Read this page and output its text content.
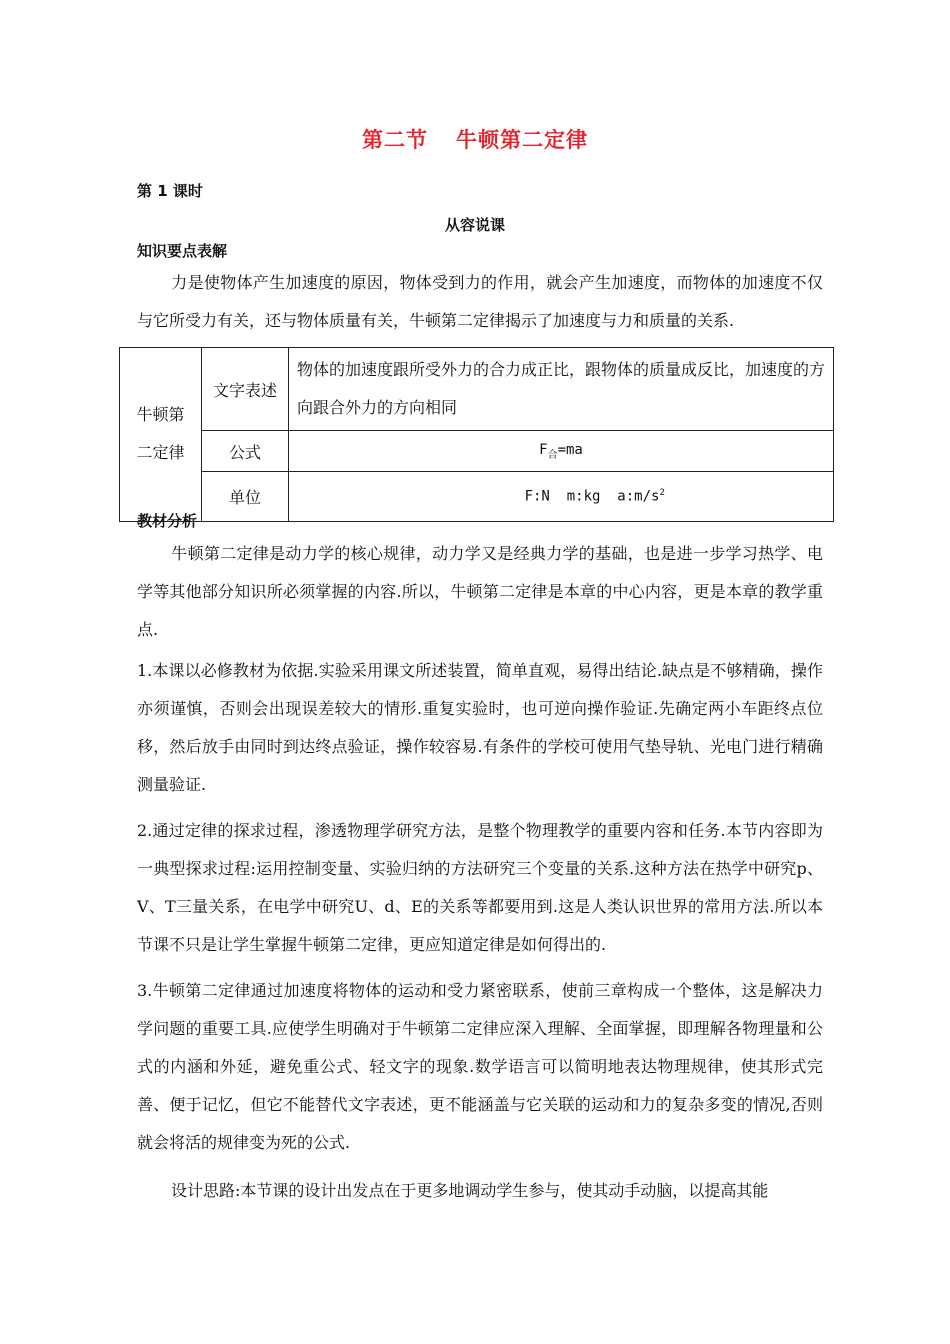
第二节 牛顿第二定律
第 1 课时
从容说课
知识要点表解
力是使物体产生加速度的原因，物体受到力的作用，就会产生加速度，而物体的加速度不仅与它所受力有关，还与物体质量有关，牛顿第二定律揭示了加速度与力和质量的关系.
牛顿第二定律	文字表述	物体的加速度跟所受外力的合力成正比，跟物体的质量成反比，加速度的方向跟合外力的方向相同
	公式	$F_合=ma$
	单位	F:N  m:kg  $a:m/s^2$

教材分析
牛顿第二定律是动力学的核心规律，动力学又是经典力学的基础，也是进一步学习热学、电学等其他部分知识所必须掌握的内容.所以，牛顿第二定律是本章的中心内容，更是本章的教学重点.
1.本课以必修教材为依据.实验采用课文所述装置，简单直观，易得出结论.缺点是不够精确，操作亦须谨慎，否则会出现误差较大的情形.重复实验时，也可逆向操作验证.先确定两小车距终点位移，然后放手由同时到达终点验证，操作较容易.有条件的学校可使用气垫导轨、光电门进行精确测量验证.
2.通过定律的探求过程，渗透物理学研究方法，是整个物理教学的重要内容和任务.本节内容即为一典型探求过程:运用控制变量、实验归纳的方法研究三个变量的关系.这种方法在热学中研究p、V、T三量关系，在电学中研究U、d、E的关系等都要用到.这是人类认识世界的常用方法.所以本节课不只是让学生掌握牛顿第二定律，更应知道定律是如何得出的.
3.牛顿第二定律通过加速度将物体的运动和受力紧密联系，使前三章构成一个整体，这是解决力学问题的重要工具.应使学生明确对于牛顿第二定律应深入理解、全面掌握，即理解各物理量和公式的内涵和外延，避免重公式、轻文字的现象.数学语言可以简明地表达物理规律，使其形式完善、便于记忆，但它不能替代文字表述，更不能涵盖与它关联的运动和力的复杂多变的情况,否则就会将活的规律变为死的公式.
设计思路:本节课的设计出发点在于更多地调动学生参与，使其动手动脑，以提高其能
